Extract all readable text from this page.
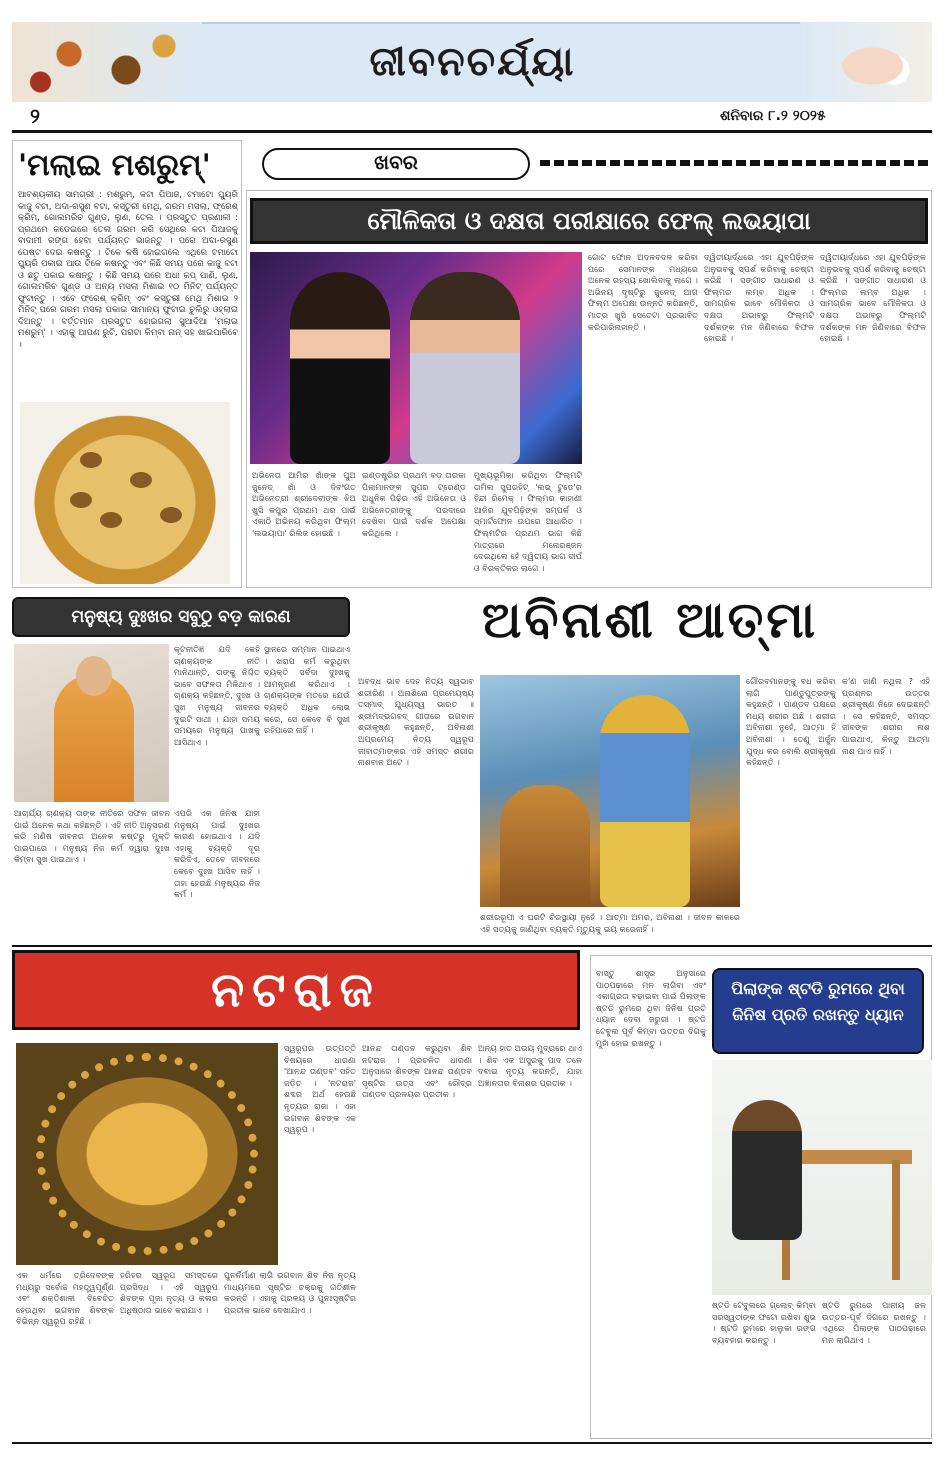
ଜୀବନଚର୍ଯ୍ୟା
୨	ଶନିବାର ୮.୨ ୨୦୨୫
'ମଲାଇ ମଶରୁମ୍'
ଆବଶ୍ୟକୀୟ ସାମଗ୍ରୀ : ମଶରୁମ୍, କଟା ପିଆଜ, ଟମାଟୋ ପ୍ୟୁରି କାଜୁ ବଟା, ଅଦା-ରସୁଣ ବଟା, କସ୍ତୁରୀ ମେଥି, ଗରମ ମସଲା, ଫ୍ରେଶ୍ କ୍ରିମ୍, ଗୋଲମରିଚ ଗୁଣ୍ଡ, ଲୁଣ, ତେଲ । ପ୍ରସ୍ତୁତ ପ୍ରଣାଳୀ : ପ୍ରଥମେ କଡେଇରେ ତେଲ ଗରମ କରି ସେଥିରେ କଟା ପିଆଜକୁ ବାଦାମୀ ରଙ୍ଗ ହେବା ପର୍ଯ୍ୟନ୍ତ ଭାଜନ୍ତୁ । ପରେ ଅଦା-ରସୁଣ ପେଷ୍ଟ ଦେଇ କଷନ୍ତୁ । ଟିକେ କଷି ହୋଇଗଲେ ଏଥିରେ ଟମାଟୋ ପ୍ୟୁରି ପକାଇ ଆଉ ଟିକେ କଷନ୍ତୁ ଏବଂ କିଛି ସମୟ ପରେ କାଜୁ ବଟା ଓ ଛତୁ ପକାଇ କଷନ୍ତୁ । କିଛି ସମୟ ପରେ ଅଧା କପ୍ ପାଣି, ଲୁଣ, ଗୋଲମରିଚ ଗୁଣ୍ଡ ଓ ଅନ୍ୟ ମସଲା ମିଶାଇ ୧୦ ମିନିଟ୍ ପର୍ଯ୍ୟନ୍ତ ଫୁଟାନ୍ତୁ । ଏବେ ଫ୍ରେଶ୍ କ୍ରିମ୍ ଏବଂ କସ୍ତୁରୀ ମେଥି ମିଶାଇ ୨ ମିନିଟ୍ ପରେ ଗରମ ମସଲା ପକାଇ ସାମାନ୍ୟ ଫୁଟାଇ ଚୁଲିରୁ ଓହ୍ଲାଇ ଦିଅନ୍ତୁ । ବର୍ତ୍ତମାନ ପ୍ରସ୍ତୁତ ହୋଇଗଲା ସୁଆଦିଆ 'ମଲାଇ ମଶରୁମ୍' । ଏହାକୁ ଆପଣ ରୁଟି, ପରଟା କିମ୍ବା ନାନ୍ ସହ ଖାଇପାରିବେ ।
ଖବର
ମୌଳିକତା ଓ ଦକ୍ଷତା ପରୀକ୍ଷାରେ ଫେଲ୍ ଲଭୟାପା
ଅଭିନେତା ଆମିର ଖାଁଙ୍କ ପୁଅ ଜୁନେଦ୍ ଖାଁ ଓ ଦିବଂଗତ ଅଭିନେତ୍ରୀ ଶ୍ରୀଦେବୀଙ୍କ ଝିଅ ଖୁସି କପୁର ପ୍ରଥମ ଥର ପାଇଁ ଏକାଠି ଅଭିନୟ କରିଥିବା ଫିଲ୍ମ 'ଲଭୟାପା' ରିଲିଜ ହୋଇଛି ।
ଇଣ୍ଡଷ୍ଟ୍ରିର ପ୍ରଥମ ବଡ଼ ତାରକା ପିଲାମାନଙ୍କ ସୁପର ଟ୍ରେଣ୍ଡ ଅଧୁନିକ ପିଢ଼ିର ଏହି ଅଭିନେତା ଓ ଅଭିନେତ୍ରୀଙ୍କୁ ପରଦାରେ ଦେଖିବା ପାଇଁ ଦର୍ଶକ ଅପେକ୍ଷା କରିଥିଲେ ।
ମୁଖ୍ୟଭୂମିକା କରିଥିବା ଫିଲ୍ମଟି ତାମିଲ ସୁପରହିଟ୍ 'ଲଭ୍ ଟୁଡେ'ର ହିନ୍ଦୀ ରିମେକ୍ । ଫିଲ୍ମର କାହାଣୀ ଆଜିର ଯୁବପିଢ଼ିଙ୍କ ସମ୍ପର୍କ ଓ ସ୍ମାର୍ଟଫୋନ ଉପରେ ଆଧାରିତ । ଫିଲ୍ମଟିର ପ୍ରଥମ ଭାଗ କିଛି ମାତ୍ରାରେ ମନୋରଞ୍ଜନ ଦେଇଥିଲେ ହେଁ ଦ୍ୱିତୀୟ ଭାଗ ଦୀର୍ଘ ଓ ବିରକ୍ତିକର ଲାଗେ ।
ଗୋଟ ଫୋନ ଅଦଳବଦଳ କରିବା ପରେ ସେମାନଙ୍କ ମଧ୍ୟରେ ଅନେକ ରହସ୍ୟ ଖୋଲିବାକୁ ଲାଗେ । ଅଭିନୟ ଦୃଷ୍ଟିରୁ ଜୁନେଦ୍ ଆଗ ଫିଲ୍ମ ଅପେକ୍ଷା ଉନ୍ନତି କରିଛନ୍ତି, ମାତ୍ର ଖୁସି ସେତେଟା ପ୍ରଭାବିତ କରିପାରିନାହାନ୍ତି ।
ଦ୍ୱିତୀୟାର୍ଦ୍ଧରେ ଏହା ଯୁବପିଢ଼ିଙ୍କ ଅନୁଭବକୁ ସ୍ପର୍ଶ କରିବାକୁ ଚେଷ୍ଟା କରିଛି । ସଙ୍ଗୀତ ସାଧାରଣ ଓ ଫିଲ୍ମର ଲମ୍ବ ଅଧିକ । ସାମଗ୍ରିକ ଭାବେ ମୌଳିକତା ଓ ଦକ୍ଷତା ଅଭାବରୁ ଫିଲ୍ମଟି ଦର୍ଶକଙ୍କ ମନ ଜିଣିବାରେ ବିଫଳ ହୋଇଛି ।
ଦ୍ୱିତୀୟାର୍ଦ୍ଧରେ ଏହା ଯୁବପିଢ଼ିଙ୍କ ଅନୁଭବକୁ ସ୍ପର୍ଶ କରିବାକୁ ଚେଷ୍ଟା କରିଛି । ସଙ୍ଗୀତ ସାଧାରଣ ଓ ଫିଲ୍ମର ଲମ୍ବ ଅଧିକ । ସାମଗ୍ରିକ ଭାବେ ମୌଳିକତା ଓ ଦକ୍ଷତା ଅଭାବରୁ ଫିଲ୍ମଟି ଦର୍ଶକଙ୍କ ମନ ଜିଣିବାରେ ବିଫଳ ହୋଇଛି ।
ମନୁଷ୍ୟ ଦୁଃଖର ସବୁଠୁ ବଡ଼ କାରଣ
କୂଟନୀତିଜ୍ଞ ଯଦି କେହି ଚାଣକ୍ୟଙ୍କ ନୀତି ମାନିଥାନ୍ତି, ତାଙ୍କୁ ନିଶ୍ଚିତ ଭାବେ ସଫଳତା ମିଳିଥାଏ । ଚାଣକ୍ୟ କହିଛନ୍ତି, ଦୁଃଖ ଓ ସୁଖ ମନୁଷ୍ୟ ଜୀବନର ଦୁଇଟି ସାଥୀ । ଯାହା ସମୟ ସମୟରେ ମନୁଷ୍ୟ ପାଖକୁ ଆସିଥାଏ ।
ଆଚାର୍ଯ୍ୟ ଚାଣକ୍ୟ ତାଙ୍କ ନୀତିରେ ସଫଳ ଜୀବନ ପାଇଁ ଅନେକ କଥା କହିଛନ୍ତି । ଏହି ନୀତି ଅନୁସରଣ କରି ମଣିଷ ଜୀବନର ଅନେକ କଷ୍ଟରୁ ମୁକ୍ତି ପାଇପାରେ । ମନୁଷ୍ୟ ନିଜ କର୍ମ ଦ୍ୱାରା ଦୁଃଖ କିମ୍ବା ସୁଖ ପାଇଥାଏ ।
ସ୍ଥାନରେ ସମ୍ମାନ ପାଇଥାଏ । ଖରାପ କର୍ମ କରୁଥିବା ବ୍ୟକ୍ତି ସର୍ବଦା ଦୁଃଖକୁ ଆମନ୍ତ୍ରଣ କରିଥାଏ । ଚାଣକ୍ୟଙ୍କ ମତରେ ଯେଉଁ ବ୍ୟକ୍ତି ଅଧିକ ଲୋଭ କରେ, ସେ କେବେ ବି ସୁଖୀ ରହିପାରେ ନାହିଁ ।
ଏପରି ଏକ ଜିନିଷ ଯାହା ମନୁଷ୍ୟ ପାଇଁ ଦୁଃଖର କାରଣ ହୋଇଥାଏ । ଯଦି ଏହାକୁ ବ୍ୟକ୍ତି ଦୂର କରିଦିଏ, ତେବେ ଜୀବନରେ କେବେ ଦୁଃଖ ଆସିବ ନାହିଁ । ତାହା ହେଉଛି ମନୁଷ୍ୟର ନିଜ କର୍ମ ।
ଅବିନାଶୀ ଆତ୍ମା
ଅବଦ୍ଧ ଭାବ ଦେହ ନିତ୍ୟ ସ୍ୱଭାବ ଶରୀରିଣ । ଅନାଶିନୋ ପ୍ରମେୟସ୍ୟ ତସ୍ମାଦ୍ ଯୁଧ୍ୟସ୍ୱ ଭାରତ ॥ ଶ୍ରୀମଦ୍ଭଗବଦ୍ ଗୀତାରେ ଭଗବାନ ଶ୍ରୀକୃଷ୍ଣ କହୁଛନ୍ତି, ଅବିନାଶୀ ଅପ୍ରମେୟ ନିତ୍ୟ ସ୍ୱରୂପ ଜୀବାତ୍ମାଙ୍କର ଏହି ସମସ୍ତ ଶରୀର ନାଶବାନ ଅଟେ ।
ଶରୀରରୂପୀ ଏ ଘରଟି ଚିରସ୍ଥାୟୀ ନୁହେଁ । ଆତ୍ମା ଅମର, ଅବିନାଶୀ । ଜୀବନ କାଳରେ ଏହି ସତ୍ୟକୁ ଜାଣିଥିବା ବ୍ୟକ୍ତି ମୃତ୍ୟୁକୁ ଭୟ କରେନାହିଁ ।
ଗୌରବମାନଙ୍କୁ ବଧ କରିବା ଲାଗି ପାଣ୍ଡୁପୁତ୍ରଙ୍କୁ କହୁଛନ୍ତି । ପାଣ୍ଡବ ପକ୍ଷରେ ମଧ୍ୟ ଶରୀର ଅଛି । ଶରୀର ଅବିନାଶୀ ନୁହେଁ, ଆତ୍ମା ହିଁ ଅବିନାଶୀ । ତେଣୁ ଅର୍ଜୁନ ଯୁଦ୍ଧ କର ବୋଲି ଶ୍ରୀକୃଷ୍ଣ କହିଛନ୍ତି ।
କ'ଣ ଜାଣି ନଥିଲ ? ଏହି ପ୍ରଶ୍ନର ଉତ୍ତର ଶ୍ରୀକୃଷ୍ଣ ନିଜେ ଦେଇଛନ୍ତି । ସେ କହିଛନ୍ତି, ସମସ୍ତ ଜୀବଙ୍କ ଶରୀର ନାଶ ପାଇଥାଏ, କିନ୍ତୁ ଆତ୍ମା ନାଶ ପାଏ ନାହିଁ ।
ନଟରାଜ
ସ୍ୱରୂପର ଉତ୍ପତ୍ତି ବିଷୟରେ ଧାରଣା 'ଆନନ୍ଦ ତାଣ୍ଡବ' ସହିତ ଜଡ଼ିତ । 'ନଟରାଜ' ଶବ୍ଦର ଅର୍ଥ ହେଉଛି ନୃତ୍ୟର ରାଜା । ଏହା ଭଗବାନ ଶିବଙ୍କ ଏକ ସ୍ୱରୂପ ।
ଆନନ୍ଦ ତାଣ୍ଡବ କରୁଥିବା ଶିବ ନଟରାଜ । ପ୍ରଚଳିତ ଧାରଣା ଅନୁସାରେ ଶିବଙ୍କ ଆନନ୍ଦ ତାଣ୍ଡବ ସୃଷ୍ଟିର ଉତ୍ସ ଏବଂ ରୌଦ୍ର ତାଣ୍ଡବ ପ୍ରଳୟର ପ୍ରତୀକ ।
ଅନ୍ୟ ହାତ ଅଭୟ ମୁଦ୍ରାରେ ଥାଏ । ଶିବ ଏକ ଅସୁରକୁ ପାଦ ତଳେ ଦବାଇ ନୃତ୍ୟ କରନ୍ତି, ଯାହା ଅଜ୍ଞାନତାର ବିନାଶର ପ୍ରତୀକ ।
ଏକ ଧର୍ମରେ ତ୍ରିଦେବଙ୍କ ମଧ୍ୟରୁ ସର୍ବୋଚ୍ଚ ମହତ୍ତ୍ୱପୂର୍ଣ୍ଣ ଏବଂ ଶକ୍ତିଶାଳୀ ବିବେଚିତ ହେଉଥିବା ଭଗବାନ ଶିବଙ୍କ ବିଭିନ୍ନ ସ୍ୱରୂପ ରହିଛି ।
ହରିହର ସ୍ୱରୂପ ସମସ୍ତରେ ପ୍ରସିଦ୍ଧ । ଏହି ସ୍ୱରୂପ ଶିବଙ୍କ ପୂଜା ନୃତ୍ୟ ଓ କଳାର ଅଧିଷ୍ଠାତା ଭାବେ କରାଯାଏ ।
ପୁନର୍ନିର୍ମାଣ ଲାଗି ଭଗବାନ ଶିବ ନିଜ ନୃତ୍ୟ ମାଧ୍ୟମରେ ସୃଷ୍ଟିର ଚକ୍ରକୁ ଗତିଶୀଳ କରନ୍ତି । ଏହାକୁ ପ୍ରଳୟ ଓ ପୁନଃସୃଷ୍ଟିର ପ୍ରତୀକ ଭାବେ ଦେଖାଯାଏ ।
ବାସ୍ତୁ ଶାସ୍ତ୍ର ଅନୁସାରେ ପାଠପଢ଼ାରେ ମନ ଲାଗିବା ଏବଂ ଏକାଗ୍ରତା ବଢ଼ାଇବା ପାଇଁ ପିଲାଙ୍କ ଷ୍ଟଡି ରୁମରେ ଥିବା ଜିନିଷ ପ୍ରତି ଧ୍ୟାନ ଦେବା ଜରୁରୀ । ଷ୍ଟଡି ଟେବୁଲ ପୂର୍ବ କିମ୍ବା ଉତ୍ତର ଦିଗକୁ ମୁହାଁ ହୋଇ ରଖନ୍ତୁ ।
ପିଲାଙ୍କ ଷ୍ଟଡି ରୁମରେ ଥିବା ଜିନିଷ ପ୍ରତି ରଖନ୍ତୁ ଧ୍ୟାନ
ଷ୍ଟଡି ଟେବୁଲରେ ଗ୍ଲୋବ୍ କିମ୍ବା ସରସ୍ୱତୀଙ୍କ ଫଟୋ ରଖିବା ଶୁଭ । ଷ୍ଟଡି ରୁମରେ ହାଲୁକା ରଙ୍ଗ ବ୍ୟବହାର କରନ୍ତୁ ।
ଷ୍ଟଡି ରୁମରେ ପାନୀୟ ଜଳ ଉତ୍ତର-ପୂର୍ବ ଦିଗରେ ରଖନ୍ତୁ । ଏଥିରେ ପିଲାଙ୍କ ପାଠପଢ଼ାରେ ମନ ଲାଗିଥାଏ ।
